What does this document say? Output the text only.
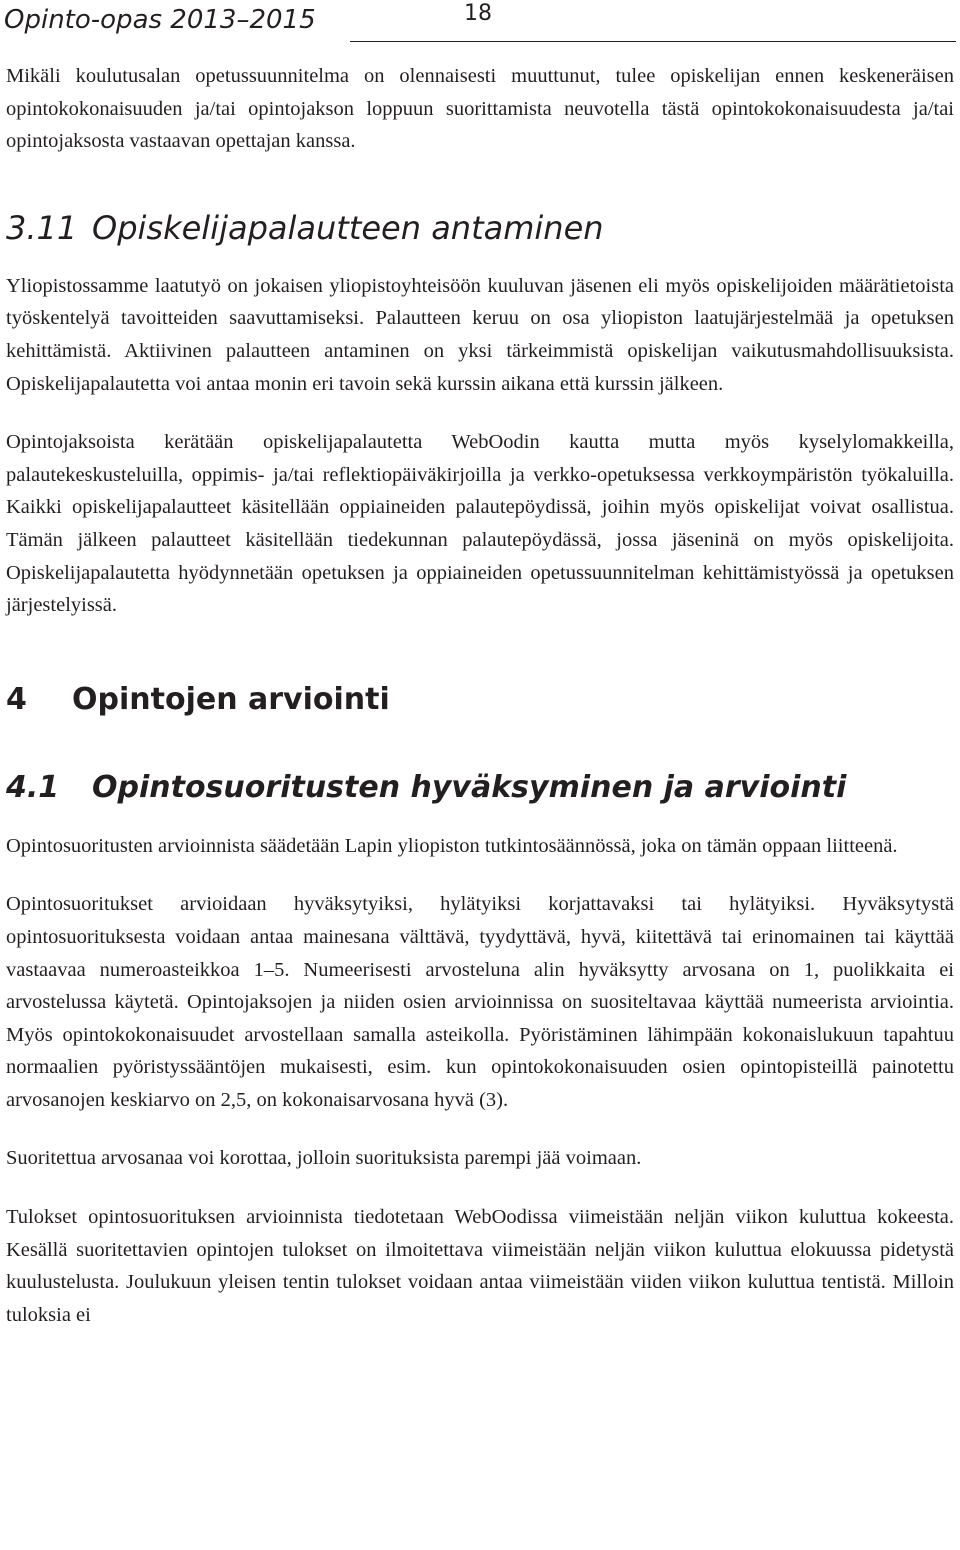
Opinto-opas 2013–2015	18

Mikäli koulutusalan opetussuunnitelma on olennaisesti muuttunut, tulee opiskelijan ennen keskeneräisen opintokokonaisuuden ja/tai opintojakson loppuun suorittamista neuvotella tästä opintokokonaisuudesta ja/tai opintojaksosta vastaavan opettajan kanssa.

3.11 Opiskelijapalautteen antaminen

Yliopistossamme laatutyö on jokaisen yliopistoyhteisöön kuuluvan jäsenen eli myös opiskelijoiden määrätietoista työskentelyä tavoitteiden saavuttamiseksi. Palautteen keruu on osa yliopiston laatujärjestelmää ja opetuksen kehittämistä. Aktiivinen palautteen antaminen on yksi tärkeimmistä opiskelijan vaikutusmahdollisuuksista. Opiskelijapalautetta voi antaa monin eri tavoin sekä kurssin aikana että kurssin jälkeen.

Opintojaksoista kerätään opiskelijapalautetta WebOodin kautta mutta myös kyselylomakkeilla, palautekeskusteluilla, oppimis- ja/tai reflektiopäiväkirjoilla ja verkko-opetuksessa verkkoympäristön työkaluilla. Kaikki opiskelijapalautteet käsitellään oppiaineiden palautepöydissä, joihin myös opiskelijat voivat osallistua. Tämän jälkeen palautteet käsitellään tiedekunnan palautepöydässä, jossa jäseninä on myös opiskelijoita. Opiskelijapalautetta hyödynnetään opetuksen ja oppiaineiden opetussuunnitelman kehittämistyössä ja opetuksen järjestelyissä.

4 Opintojen arviointi
4.1 Opintosuoritusten hyväksyminen ja arviointi

Opintosuoritusten arvioinnista säädetään Lapin yliopiston tutkintosäännössä, joka on tämän oppaan liitteenä.

Opintosuoritukset arvioidaan hyväksytyiksi, hylätyiksi korjattavaksi tai hylätyiksi. Hyväksytystä opintosuorituksesta voidaan antaa mainesana välttävä, tyydyttävä, hyvä, kiitettävä tai erinomainen tai käyttää vastaavaa numeroasteikkoa 1–5. Numeerisesti arvosteluna alin hyväksytty arvosana on 1, puolikkaita ei arvostelussa käytetä. Opintojaksojen ja niiden osien arvioinnissa on suositeltavaa käyttää numeerista arviointia. Myös opintokokonaisuudet arvostellaan samalla asteikolla. Pyöristäminen lähimpään kokonaislukuun tapahtuu normaalien pyöristyssääntöjen mukaisesti, esim. kun opintokokonaisuuden osien opintopisteillä painotettu arvosanojen keskiarvo on 2,5, on kokonaisarvosana hyvä (3).

Suoritettua arvosanaa voi korottaa, jolloin suorituksista parempi jää voimaan.

Tulokset opintosuorituksen arvioinnista tiedotetaan WebOodissa viimeistään neljän viikon kuluttua kokeesta. Kesällä suoritettavien opintojen tulokset on ilmoitettava viimeistään neljän viikon kuluttua elokuussa pidetystä kuulustelusta. Joulukuun yleisen tentin tulokset voidaan antaa viimeistään viiden viikon kuluttua tentistä. Milloin tuloksia ei
